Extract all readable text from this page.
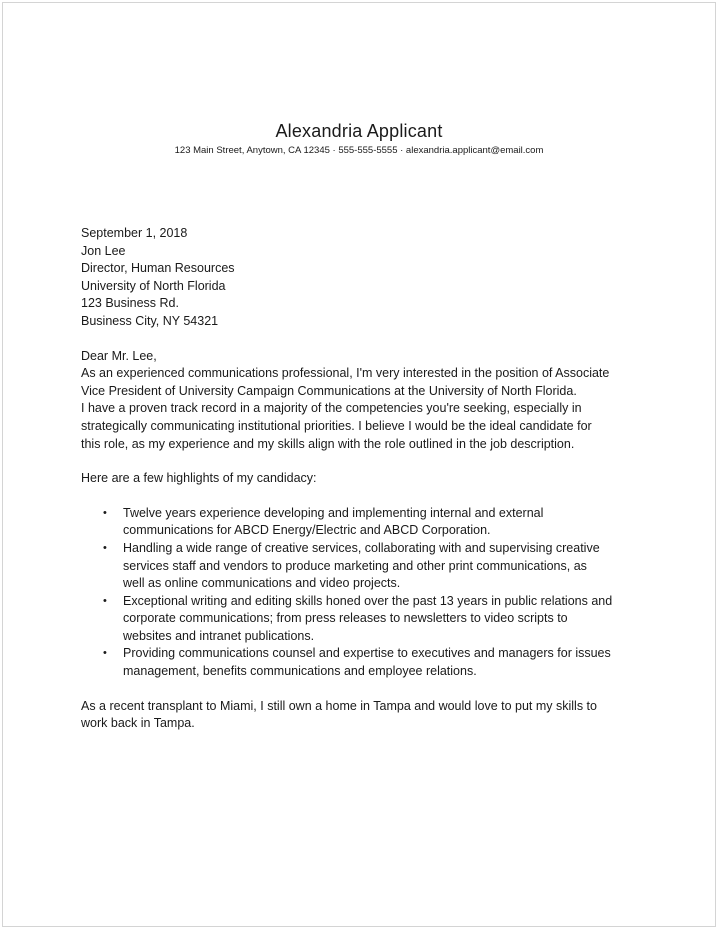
Alexandria Applicant
123 Main Street, Anytown, CA 12345 · 555-555-5555 · alexandria.applicant@email.com

September 1, 2018

Jon Lee
Director, Human Resources
University of North Florida
123 Business Rd.
Business City, NY 54321

Dear Mr. Lee,

As an experienced communications professional, I'm very interested in the position of Associate
Vice President of University Campaign Communications at the University of North Florida.
I have a proven track record in a majority of the competencies you're seeking, especially in
strategically communicating institutional priorities. I believe I would be the ideal candidate for
this role, as my experience and my skills align with the role outlined in the job description.

Here are a few highlights of my candidacy:

• Twelve years experience developing and implementing internal and external
communications for ABCD Energy/Electric and ABCD Corporation.
• Handling a wide range of creative services, collaborating with and supervising creative
services staff and vendors to produce marketing and other print communications, as
well as online communications and video projects.
• Exceptional writing and editing skills honed over the past 13 years in public relations and
corporate communications; from press releases to newsletters to video scripts to
websites and intranet publications.
• Providing communications counsel and expertise to executives and managers for issues
management, benefits communications and employee relations.
As a recent transplant to Miami, I still own a home in Tampa and would love to put my skills to
work back in Tampa.
